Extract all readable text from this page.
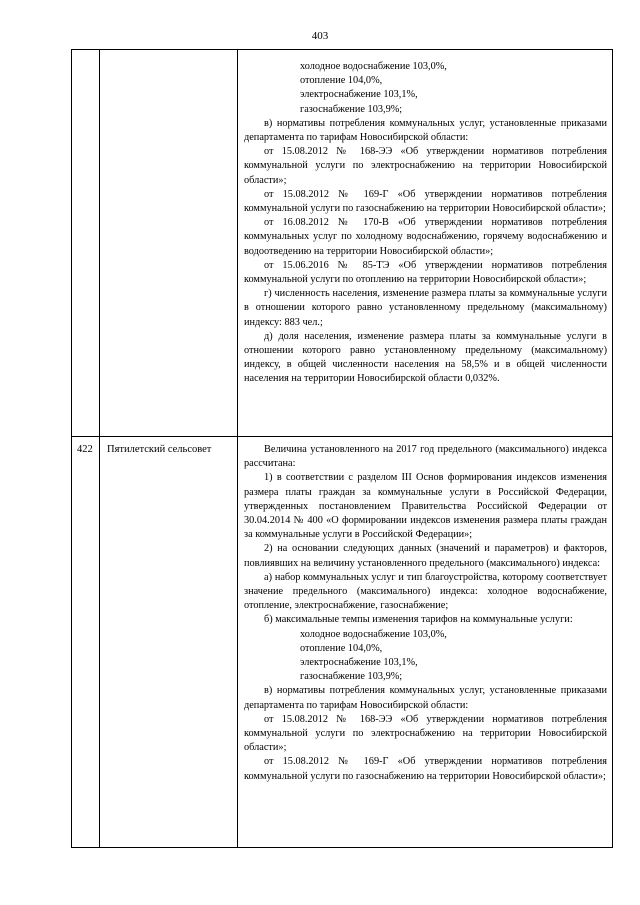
403

холодное водоснабжение 103,0%,

отопление 104,0%,

электроснабжение 103,1%,

газоснабжение 103,9%;

в) нормативы потребления коммунальных услуг, установленные приказами департамента по тарифам Новосибирской области:

от 15.08.2012 № 168-ЭЭ «Об утверждении нормативов потребления коммунальной услуги по электроснабжению на территории Новосибирской области»;

от 15.08.2012 № 169-Г «Об утверждении нормативов потребления коммунальной услуги по газоснабжению на территории Новосибирской области»;

от 16.08.2012 № 170-В «Об утверждении нормативов потребления коммунальных услуг по холодному водоснабжению, горячему водоснабжению и водоотведению на территории Новосибирской области»;

от 15.06.2016 № 85-ТЭ «Об утверждении нормативов потребления коммунальной услуги по отоплению на территории Новосибирской области»;

г) численность населения, изменение размера платы за коммунальные услуги в отношении которого равно установленному предельному (максимальному) индексу: 883 чел.;

д) доля населения, изменение размера платы за коммунальные услуги в отношении которого равно установленному предельному (максимальному) индексу, в общей численности населения на 58,5% и в общей численности населения на территории Новосибирской области 0,032%.

422 Пятилетский сельсовет	Величина установленного на 2017 год предельного (максимального) индекса рассчитана:

1) в соответствии с разделом III Основ формирования индексов изменения размера платы граждан за коммунальные услуги в Российской Федерации, утвержденных постановлением Правительства Российской Федерации от 30.04.2014 № 400 «О формировании индексов изменения размера платы граждан за коммунальные услуги в Российской Федерации»;

2) на основании следующих данных (значений и параметров) и факторов, повлиявших на величину установленного предельного (максимального) индекса:

а) набор коммунальных услуг и тип благоустройства, которому соответствует значение предельного (максимального) индекса: холодное водоснабжение, отопление, электроснабжение, газоснабжение;

б) максимальные темпы изменения тарифов на коммунальные услуги:

холодное водоснабжение 103,0%,

отопление 104,0%,

электроснабжение 103,1%,

газоснабжение 103,9%;

в) нормативы потребления коммунальных услуг, установленные приказами департамента по тарифам Новосибирской области:

от 15.08.2012 № 168-ЭЭ «Об утверждении нормативов потребления коммунальной услуги по электроснабжению на территории Новосибирской области»;

от 15.08.2012 № 169-Г «Об утверждении нормативов потребления коммунальной услуги по газоснабжению на территории Новосибирской области»;
